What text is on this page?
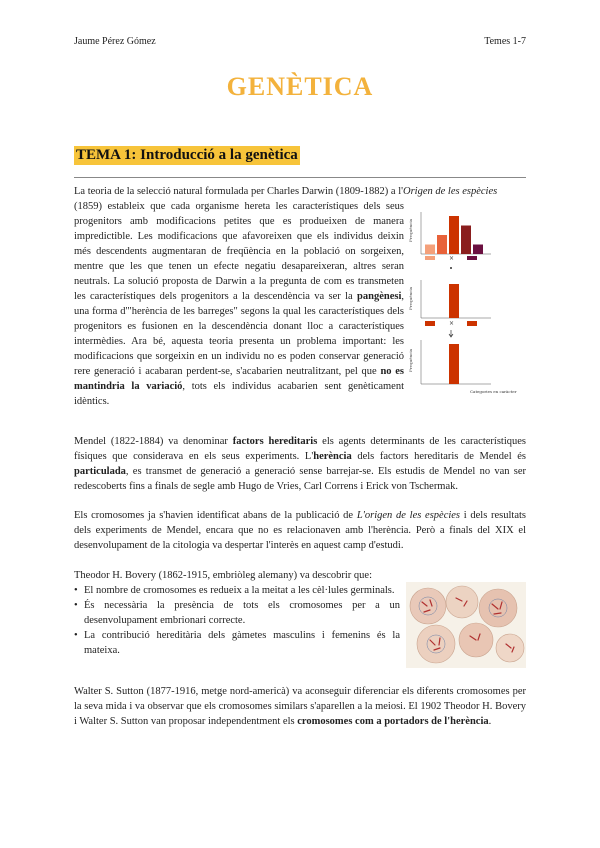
Jaume Pérez Gómez	Temes 1-7
GENÈTICA
TEMA 1: Introducció a la genètica
La teoria de la selecció natural formulada per Charles Darwin (1809-1882) a l'Origen de les espècies
(1859) estableix que cada organisme hereta les característiques dels seus progenitors amb modificacions petites que es produeixen de manera impredictible. Les modificacions que afavoreixen que els individus deixin més descendents augmentaran de freqüència en la població on sorgeixen, mentre que les que tenen un efecte negatiu desapareixeran, altres seran neutrals. La solució proposta de Darwin a la pregunta de com es transmeten les característiques dels progenitors a la descendència va ser la pangènesi, una forma d'"herència de les barreges" segons la qual les característiques dels progenitors es fusionen en la descendència donant lloc a característiques intermèdies. Ara bé, aquesta teoria presenta un problema important: les modificacions que sorgeixin en un individu no es poden conservar generació rere generació i acabaran perdent-se, s'acabarien neutralitzant, pel que no es mantindria la variació, tots els individus acabarien sent genèticament idèntics.
Frequència
Frequència
Frequència
Categories en caràcter
×
×
Mendel (1822-1884) va denominar factors hereditaris els agents determinants de les característiques físiques que considerava en els seus experiments. L'herència dels factors hereditaris de Mendel és particulada, es transmet de generació a generació sense barrejar-se. Els estudis de Mendel no van ser redescoberts fins a finals de segle amb Hugo de Vries, Carl Correns i Erick von Tschermak.
Els cromosomes ja s'havien identificat abans de la publicació de L'origen de les espècies i dels resultats dels experiments de Mendel, encara que no es relacionaven amb l'herència. Però a finals del XIX el desenvolupament de la citologia va despertar l'interès en aquest camp d'estudi.
Theodor H. Bovery (1862-1915, embriòleg alemany) va descobrir que:
• El nombre de cromosomes es redueix a la meitat a les cèl·lules germinals.
• És necessària la presència de tots els cromosomes per a un desenvolupament embrionari correcte.
• La contribució hereditària dels gàmetes masculins i femenins és la mateixa.
Walter S. Sutton (1877-1916, metge nord-americà) va aconseguir diferenciar els diferents cromosomes per la seva mida i va observar que els cromosomes similars s'aparellen a la meiosi. El 1902 Theodor H. Bovery i Walter S. Sutton van proposar independentment els cromosomes com a portadors de l'herència.
